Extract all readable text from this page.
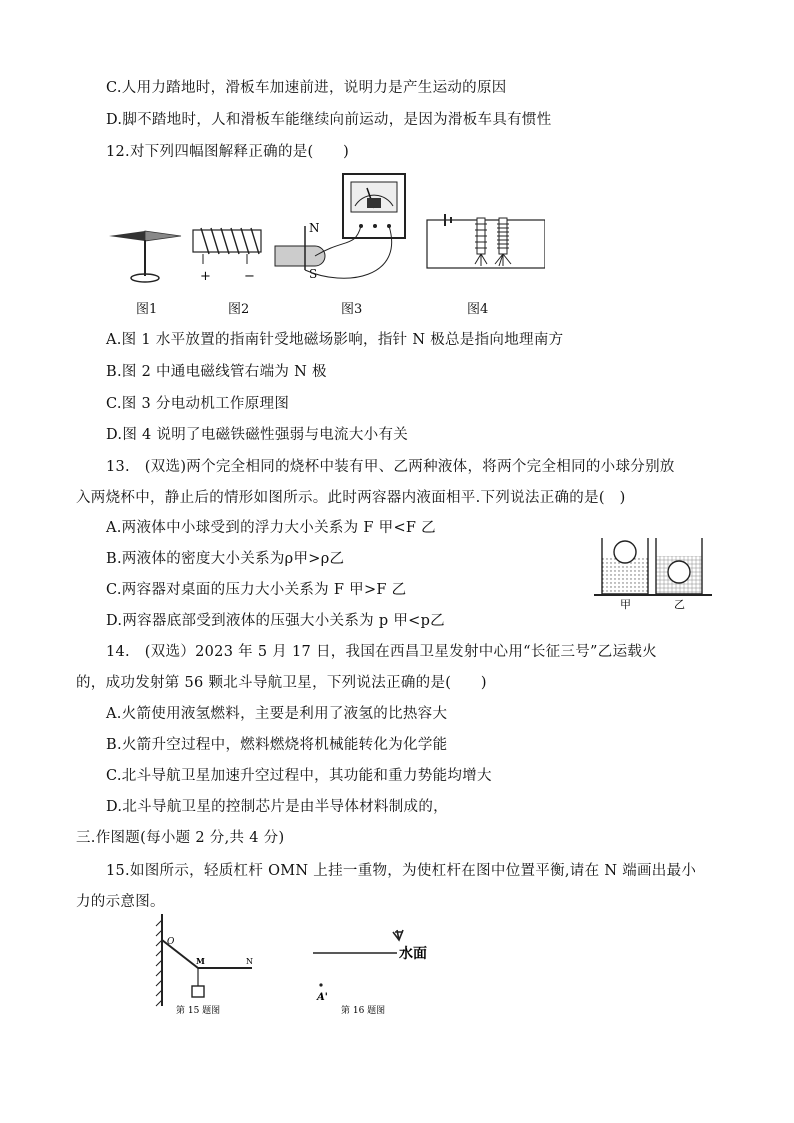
C.人用力踏地时，滑板车加速前进，说明力是产生运动的原因
D.脚不踏地时，人和滑板车能继续向前运动，是因为滑板车具有惯性
12.对下列四幅图解释正确的是(　　)
+	−
N
S
图1	图2	图3	图4
A.图 1 水平放置的指南针受地磁场影响，指针 N 极总是指向地理南方
B.图 2 中通电磁线管右端为 N 极
C.图 3 分电动机工作原理图
D.图 4 说明了电磁铁磁性强弱与电流大小有关
13.　(双选)两个完全相同的烧杯中装有甲、乙两种液体，将两个完全相同的小球分别放
入两烧杯中，静止后的情形如图所示。此时两容器内液面相平.下列说法正确的是(　)
A.两液体中小球受到的浮力大小关系为 F 甲<F 乙
B.两液体的密度大小关系为ρ甲>ρ乙
C.两容器对桌面的压力大小关系为 F 甲>F 乙
D.两容器底部受到液体的压强大小关系为 p 甲<p乙
甲	乙
14.　(双选）2023 年 5 月 17 日，我国在西昌卫星发射中心用“长征三号”乙运载火
的，成功发射第 56 颗北斗导航卫星，下列说法正确的是(　　)
A.火箭使用液氢燃料，主要是利用了液氢的比热容大
B.火箭升空过程中，燃料燃烧将机械能转化为化学能
C.北斗导航卫星加速升空过程中，其功能和重力势能均增大
D.北斗导航卫星的控制芯片是由半导体材料制成的，
三.作图题(每小题 2 分,共 4 分)
15.如图所示，轻质杠杆 OMN 上挂一重物，为使杠杆在图中位置平衡,请在 N 端画出最小
力的示意图。
O
M	N
第 15 题图
水面
A'
第 16 题图
